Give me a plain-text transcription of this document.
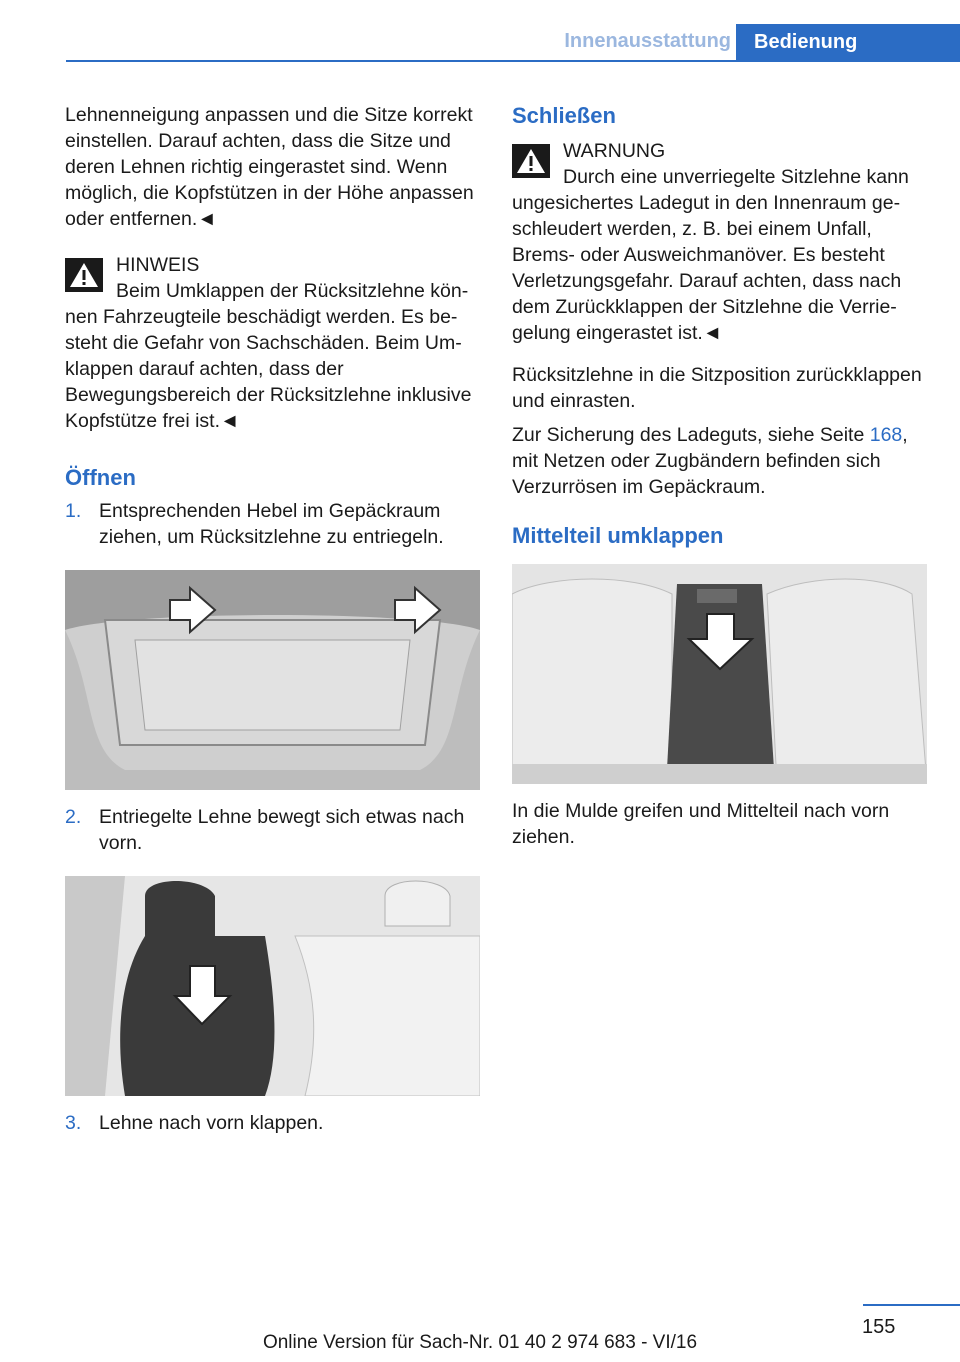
Innenausstattung	Bedienung

Lehnenneigung anpassen und die Sitze korrekt einstellen. Darauf achten, dass die Sitze und deren Lehnen richtig eingerastet sind. Wenn möglich, die Kopfstützen in der Höhe anpassen oder entfernen.◄

HINWEIS

Beim Umklappen der Rücksitzlehne können Fahrzeugteile beschädigt werden. Es besteht die Gefahr von Sachschäden. Beim Umklappen darauf achten, dass der Bewegungsbereich der Rücksitzlehne inklusive Kopfstütze frei ist.◄

Öffnen
1. Entsprechenden Hebel im Gepäckraum ziehen, um Rücksitzlehne zu entriegeln.

2. Entriegelte Lehne bewegt sich etwas nach vorn.

3. Lehne nach vorn klappen.

Schließen

WARNUNG

Durch eine unverriegelte Sitzlehne kann ungesichertes Ladegut in den Innenraum geschleudert werden, z. B. bei einem Unfall, Brems- oder Ausweichmanöver. Es besteht Verletzungsgefahr. Darauf achten, dass nach dem Zurückklappen der Sitzlehne die Verriegelung eingerastet ist.◄

Rücksitzlehne in die Sitzposition zurückklappen und einrasten.

Zur Sicherung des Ladeguts, siehe Seite 168, mit Netzen oder Zugbändern befinden sich Verzurrösen im Gepäckraum.

Mittelteil umklappen

In die Mulde greifen und Mittelteil nach vorn ziehen.

155
Online Version für Sach-Nr. 01 40 2 974 683 - VI/16
